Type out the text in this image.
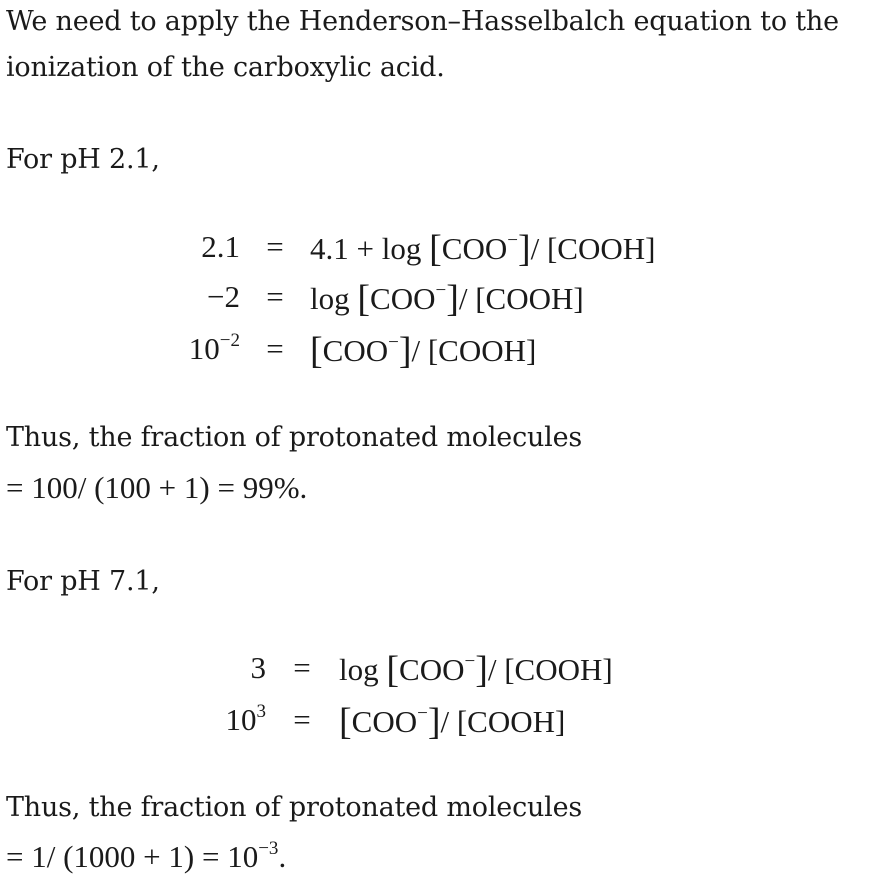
We need to apply the Henderson–Hasselbalch equation to the
ionization of the carboxylic acid.
For pH 2.1,
2.1 = 4.1 + log [COO−]/ [COOH]
−2 = log [COO−]/ [COOH]
$10^{-2} = [COO^-]/$ [COOH]
Thus, the fraction of protonated molecules
= 100/ (100 + 1) = 99%.
For pH 7.1,
3 = log [COO−]/ [COOH]
$10^3 = [COO^-]/$ [COOH]
Thus, the fraction of protonated molecules
= 1/ $(1000 + 1) = 10^{-3}$.
